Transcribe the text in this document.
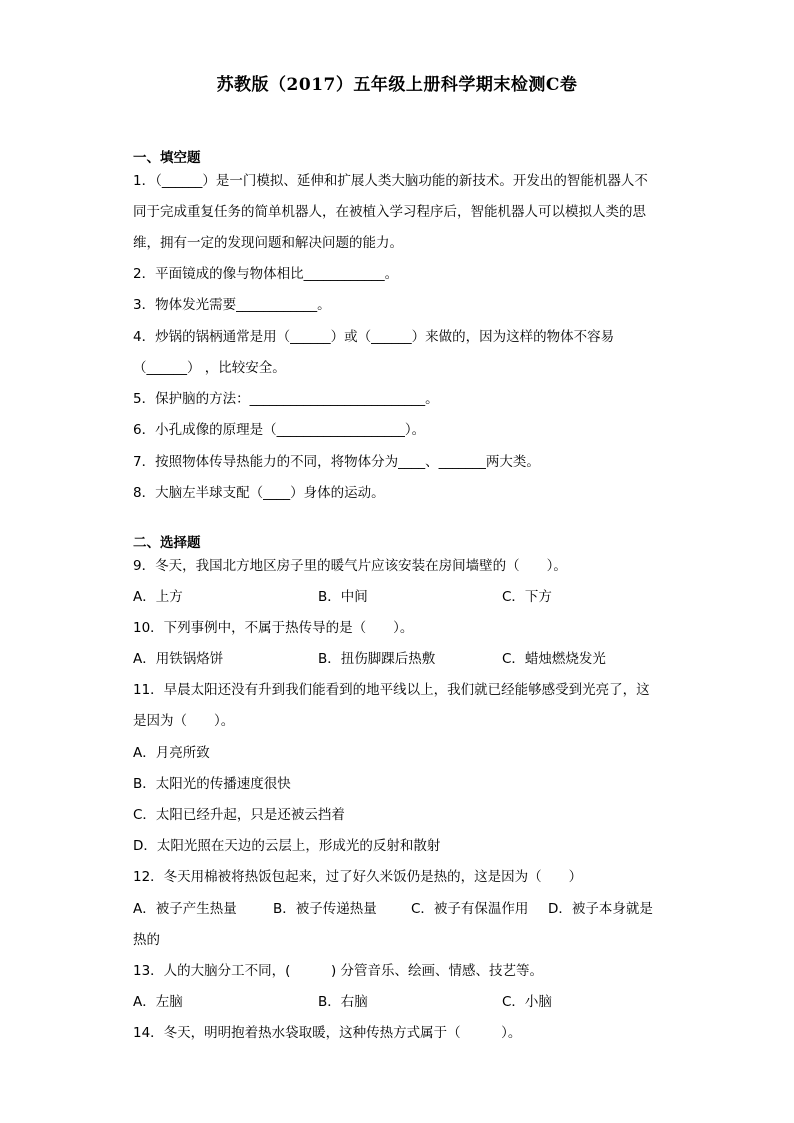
苏教版（2017）五年级上册科学期末检测C卷
一、填空题
1．（______）是一门模拟、延伸和扩展人类大脑功能的新技术。开发出的智能机器人不
同于完成重复任务的简单机器人，在被植入学习程序后，智能机器人可以模拟人类的思
维，拥有一定的发现问题和解决问题的能力。
2．平面镜成的像与物体相比____________。
3．物体发光需要____________。
4．炒锅的锅柄通常是用（______）或（______）来做的，因为这样的物体不容易
（______） ，比较安全。
5．保护脑的方法：__________________________。
6．小孔成像的原理是（___________________）。
7．按照物体传导热能力的不同，将物体分为____、_______两大类。
8．大脑左半球支配（____）身体的运动。
二、选择题
9．冬天，我国北方地区房子里的暖气片应该安装在房间墙壁的（　　）。
A．上方	B．中间	C．下方
10．下列事例中，不属于热传导的是（　　）。
A．用铁锅烙饼	B．扭伤脚踝后热敷	C．蜡烛燃烧发光
11．早晨太阳还没有升到我们能看到的地平线以上，我们就已经能够感受到光亮了，这
是因为（　　）。
A．月亮所致
B．太阳光的传播速度很快
C．太阳已经升起，只是还被云挡着
D．太阳光照在天边的云层上，形成光的反射和散射
12．冬天用棉被将热饭包起来，过了好久米饭仍是热的，这是因为（　　）
A．被子产生热量	B．被子传递热量	C．被子有保温作用 D．被子本身就是
热的
13．人的大脑分工不同，(　　　) 分管音乐、绘画、情感、技艺等。
A．左脑	B．右脑	C．小脑
14．冬天，明明抱着热水袋取暖，这种传热方式属于（　　　）。
